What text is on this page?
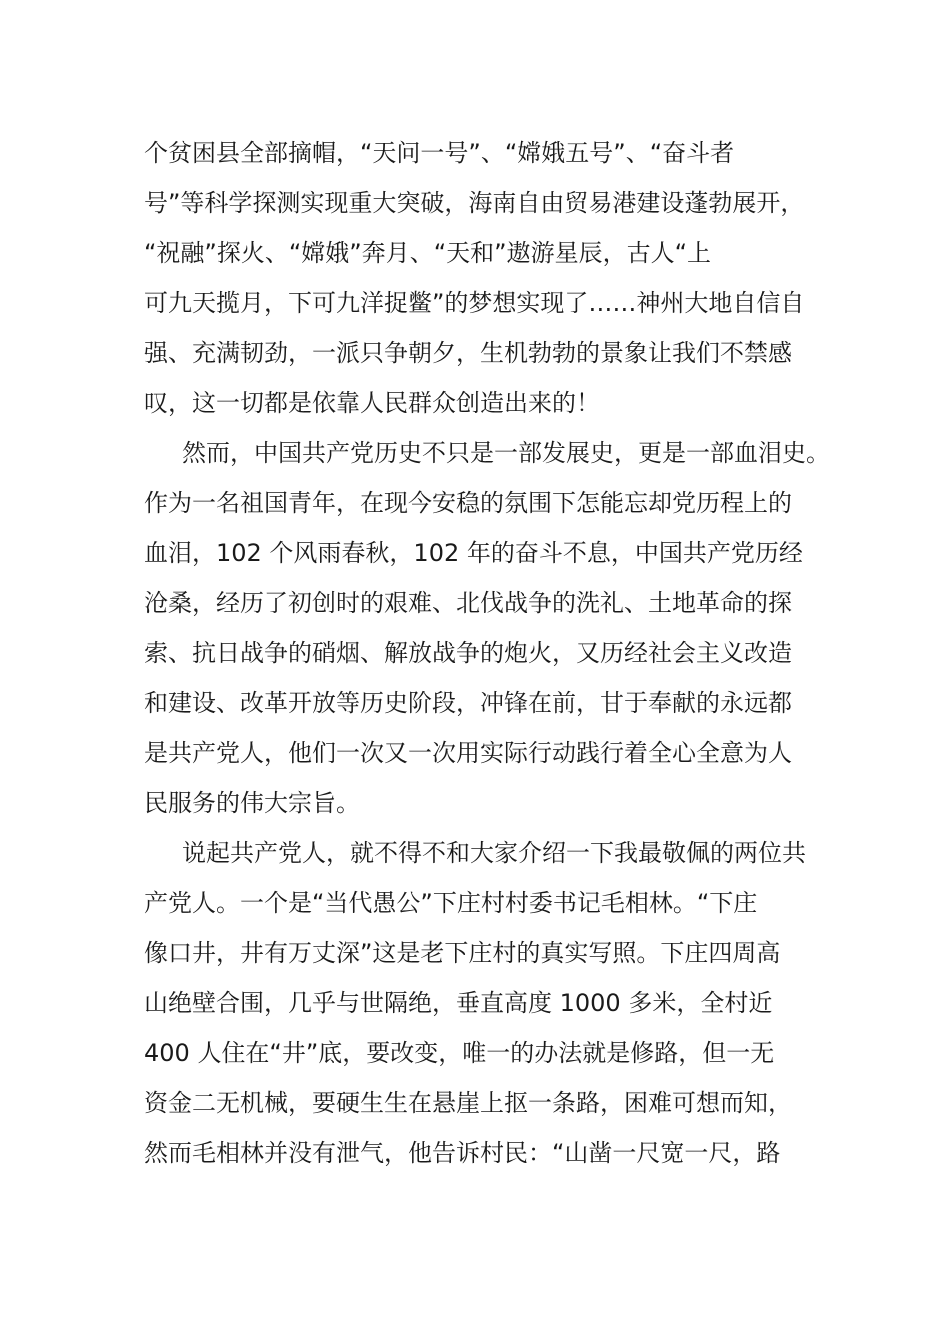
个贫困县全部摘帽，“天问一号”、“嫦娥五号”、“奋斗者
号”等科学探测实现重大突破，海南自由贸易港建设蓬勃展开，
“祝融”探火、“嫦娥”奔月、“天和”遨游星辰，古人“上
可九天揽月，下可九洋捉鳖”的梦想实现了……神州大地自信自
强、充满韧劲，一派只争朝夕，生机勃勃的景象让我们不禁感
叹，这一切都是依靠人民群众创造出来的！
然而，中国共产党历史不只是一部发展史，更是一部血泪史。
作为一名祖国青年，在现今安稳的氛围下怎能忘却党历程上的
血泪，102 个风雨春秋，102 年的奋斗不息，中国共产党历经
沧桑，经历了初创时的艰难、北伐战争的洗礼、土地革命的探
索、抗日战争的硝烟、解放战争的炮火，又历经社会主义改造
和建设、改革开放等历史阶段，冲锋在前，甘于奉献的永远都
是共产党人，他们一次又一次用实际行动践行着全心全意为人
民服务的伟大宗旨。
说起共产党人，就不得不和大家介绍一下我最敬佩的两位共
产党人。一个是“当代愚公”下庄村村委书记毛相林。“下庄
像口井，井有万丈深”这是老下庄村的真实写照。下庄四周高
山绝壁合围，几乎与世隔绝，垂直高度 1000 多米，全村近
400 人住在“井”底，要改变，唯一的办法就是修路，但一无
资金二无机械，要硬生生在悬崖上抠一条路，困难可想而知，
然而毛相林并没有泄气，他告诉村民：“山凿一尺宽一尺，路
